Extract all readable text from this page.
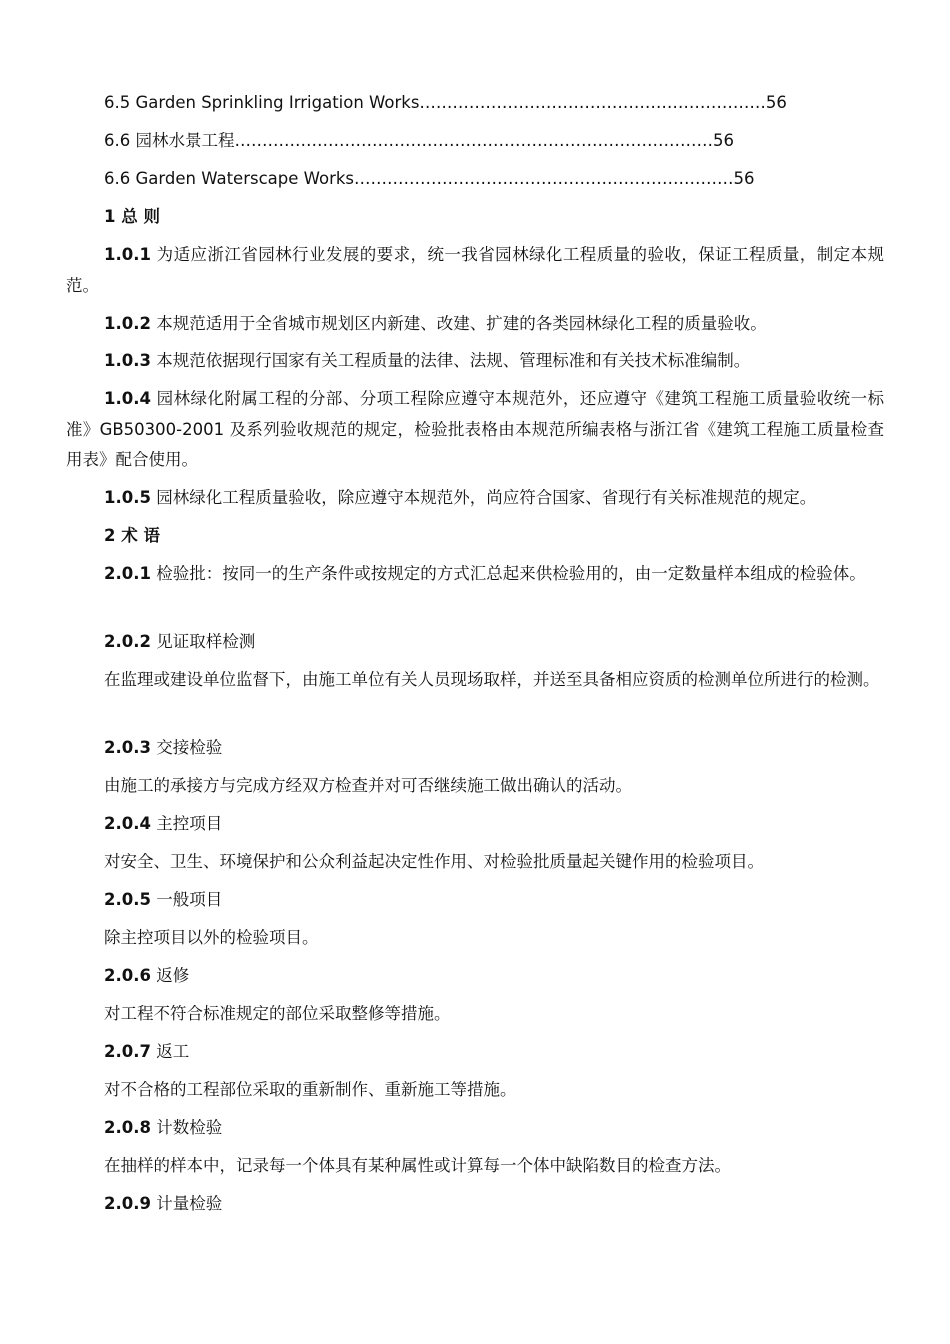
6.5 Garden Sprinkling Irrigation Works………………………………………………………56
6.6 园林水景工程……………………………………………………………………………56
6.6 Garden Waterscape Works……………………………………………………………56
1 总 则
1.0.1 为适应浙江省园林行业发展的要求，统一我省园林绿化工程质量的验收，保证工程质量，制定本规范。
1.0.2 本规范适用于全省城市规划区内新建、改建、扩建的各类园林绿化工程的质量验收。
1.0.3 本规范依据现行国家有关工程质量的法律、法规、管理标准和有关技术标准编制。
1.0.4 园林绿化附属工程的分部、分项工程除应遵守本规范外，还应遵守《建筑工程施工质量验收统一标准》GB50300-2001 及系列验收规范的规定，检验批表格由本规范所编表格与浙江省《建筑工程施工质量检查用表》配合使用。
1.0.5 园林绿化工程质量验收，除应遵守本规范外，尚应符合国家、省现行有关标准规范的规定。
2 术 语
2.0.1 检验批：按同一的生产条件或按规定的方式汇总起来供检验用的，由一定数量样本组成的检验体。
2.0.2 见证取样检测
在监理或建设单位监督下，由施工单位有关人员现场取样，并送至具备相应资质的检测单位所进行的检测。
2.0.3 交接检验
由施工的承接方与完成方经双方检查并对可否继续施工做出确认的活动。
2.0.4 主控项目
对安全、卫生、环境保护和公众利益起决定性作用、对检验批质量起关键作用的检验项目。
2.0.5 一般项目
除主控项目以外的检验项目。
2.0.6 返修
对工程不符合标准规定的部位采取整修等措施。
2.0.7 返工
对不合格的工程部位采取的重新制作、重新施工等措施。
2.0.8 计数检验
在抽样的样本中，记录每一个体具有某种属性或计算每一个体中缺陷数目的检查方法。
2.0.9 计量检验
